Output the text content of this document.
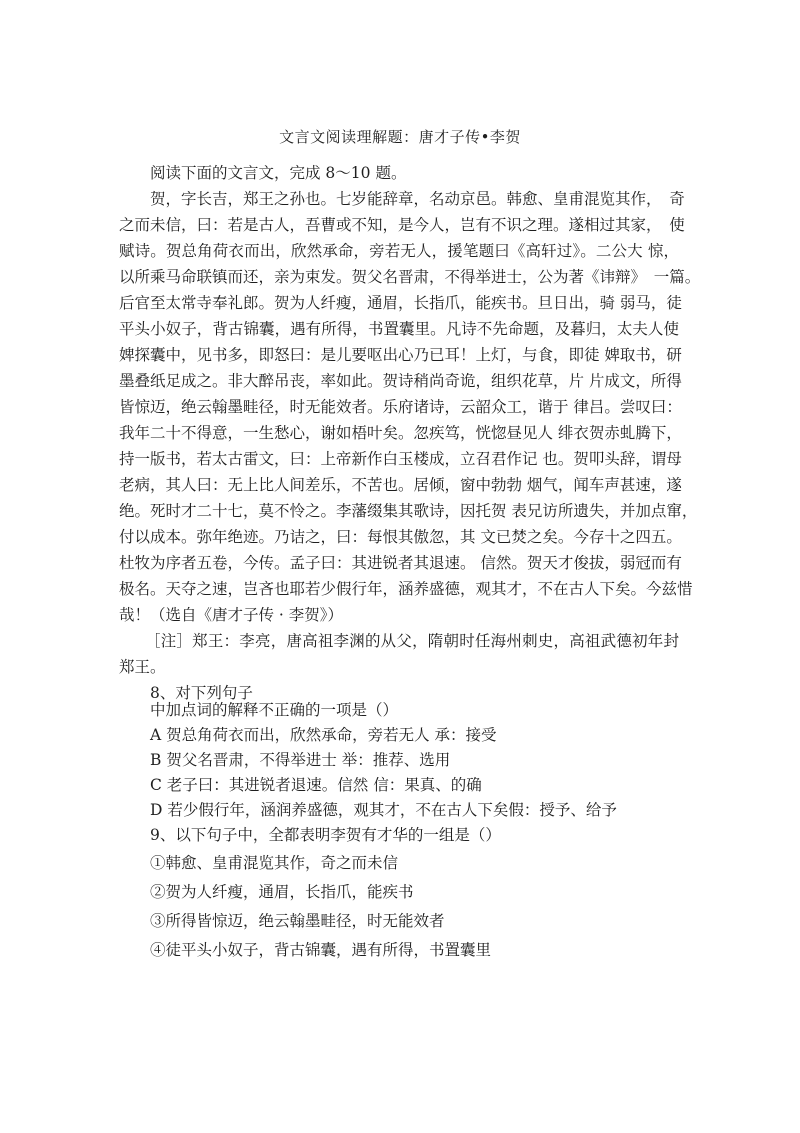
文言文阅读理解题：唐才子传•李贺
阅读下面的文言文，完成 8～10 题。
贺，字长吉，郑王之孙也。七岁能辞章，名动京邑。韩愈、皇甫混览其作，　奇
之而未信，曰：若是古人，吾曹或不知，是今人，岂有不识之理。遂相过其家，　使
赋诗。贺总角荷衣而出，欣然承命，旁若无人，援笔题曰《高轩过》。二公大 惊，
以所乘马命联镇而还，亲为束发。贺父名晋肃，不得举进士，公为著《讳辩》　一篇。
后官至太常寺奉礼郎。贺为人纤瘦，通眉，长指爪，能疾书。旦日出，骑 弱马，徒
平头小奴子，背古锦囊，遇有所得，书置囊里。凡诗不先命题，及暮归，太夫人使
婢探囊中，见书多，即怒曰：是儿要呕出心乃已耳！上灯，与食，即徒 婢取书，研
墨叠纸足成之。非大醉吊丧，率如此。贺诗稍尚奇诡，组织花草，片 片成文，所得
皆惊迈，绝云翰墨畦径，时无能效者。乐府诸诗，云韶众工，谐于 律吕。尝叹曰：
我年二十不得意，一生愁心，谢如梧叶矣。忽疾笃，恍惚昼见人 绯衣贺赤虬腾下，
持一版书，若太古雷文，曰：上帝新作白玉楼成，立召君作记 也。贺叩头辞，谓母
老病，其人曰：无上比人间差乐，不苦也。居倾，窗中勃勃 烟气，闻车声甚速，遂
绝。死时才二十七，莫不怜之。李藩缀集其歌诗，因托贺 表兄访所遗失，并加点窜，
付以成本。弥年绝迹。乃诘之，曰：每恨其傲忽，其 文已焚之矣。今存十之四五。
杜牧为序者五卷，今传。孟子曰：其进锐者其退速。 信然。贺天才俊拔，弱冠而有
极名。天夺之速，岂吝也耶若少假行年，涵养盛德，观其才，不在古人下矣。今兹惜
哉！（选自《唐才子传 · 李贺》）
［注］郑王：李亮，唐高祖李渊的从父，隋朝时任海州刺史，高祖武德初年封
郑王。
8、对下列句子
中加点词的解释不正确的一项是（）
A 贺总角荷衣而出，欣然承命，旁若无人 承：接受
B 贺父名晋肃，不得举进士 举：推荐、选用
C 老子曰：其进锐者退速。信然 信：果真、的确
D 若少假行年，涵润养盛德，观其才，不在古人下矣假：授予、给予
9、以下句子中，全都表明李贺有才华的一组是（）
①韩愈、皇甫混览其作，奇之而未信
②贺为人纤瘦，通眉，长指爪，能疾书
③所得皆惊迈，绝云翰墨畦径，时无能效者
④徒平头小奴子，背古锦囊，遇有所得，书置囊里
